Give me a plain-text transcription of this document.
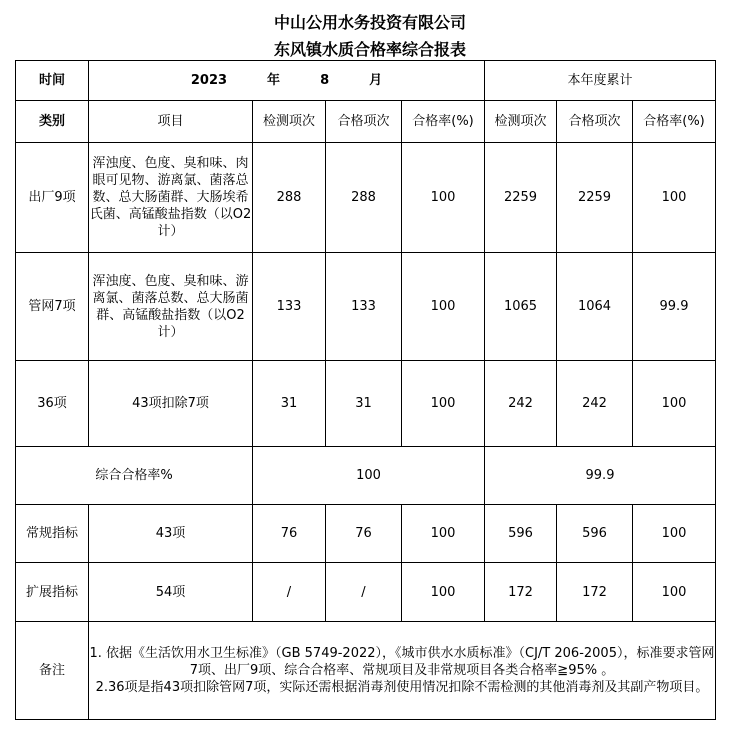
中山公用水务投资有限公司
东风镇水质合格率综合报表
时间	2023 年 8 月				本年度累计		
类别	项目	检测项次	合格项次	合格率(%)	检测项次	合格项次	合格率(%)
出厂9项	浑浊度、色度、臭和味、肉眼可见物、游离氯、菌落总数、总大肠菌群、大肠埃希氏菌、高锰酸盐指数（以O2计）	288	288	100	2259	2259	100
管网7项	浑浊度、色度、臭和味、游离氯、菌落总数、总大肠菌群、高锰酸盐指数（以O2计）	133	133	100	1065	1064	99.9
36项	43项扣除7项	31	31	100	242	242	100
综合合格率%		100			99.9		
常规指标	43项	76	76	100	596	596	100
扩展指标	54项	/	/	100	172	172	100
备注	1. 依据《生活饮用水卫生标准》（GB 5749-2022），《城市供水水质标准》（CJ/T 206-2005），标准要求管网7项、出厂9项、综合合格率、常规项目及非常规项目各类合格率≧95% 。
2.36项是指43项扣除管网7项，实际还需根据消毒剂使用情况扣除不需检测的其他消毒剂及其副产物项目。						
